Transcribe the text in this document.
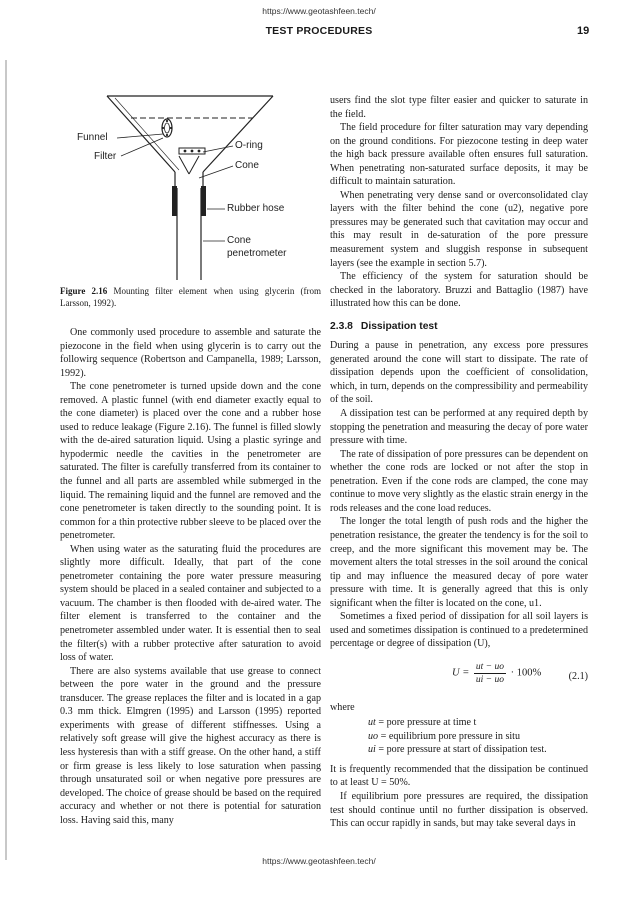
https://www.geotashfeen.tech/
TEST PROCEDURES	19
Funnel
Filter
O-ring
Cone
Rubber hose
Cone
penetrometer
Figure 2.16 Mounting filter element when using glycerin (from Larsson, 1992).

One commonly used procedure to assemble and saturate the piezocone in the field when using glycerin is to carry out the followirg sequence (Robertson and Campanella, 1989; Larsson, 1992).

The cone penetrometer is turned upside down and the cone removed. A plastic funnel (with end diameter exactly equal to the cone diameter) is placed over the cone and a rubber hose used to reduce leakage (Figure 2.16). The funnel is filled slowly with the de-aired saturation liquid. Using a plastic syringe and hypodermic needle the cavities in the penetrometer are saturated. The filter is carefully transferred from its container to the funnel and all parts are assembled while submerged in the liquid. The remaining liquid and the funnel are removed and the cone penetrometer is taken directly to the sounding point. It is common for a thin protective rubber sleeve to be placed over the penetrometer.

When using water as the saturating fluid the procedures are slightly more difficult. Ideally, that part of the cone penetrometer containing the pore water pressure measuring system should be placed in a sealed container and subjected to a vacuum. The chamber is then flooded with de-aired water. The filter element is transferred to the container and the penetrometer assembled under water. It is essential then to seal the filter(s) with a rubber protective after saturation to avoid loss of water.

There are also systems available that use grease to connect between the pore water in the ground and the pressure transducer. The grease replaces the filter and is located in a gap 0.3 mm thick. Elmgren (1995) and Larsson (1995) reported experiments with grease of different stiffnesses. Using a relatively soft grease will give the highest accuracy as there is less hysteresis than with a stiff grease. On the other hand, a stiff or firm grease is less likely to lose saturation when passing through unsaturated soil or when negative pore pressures are developed. The choice of grease should be based on the required accuracy and whether or not there is potential for saturation loss. Having said this, many

users find the slot type filter easier and quicker to saturate in the field.

The field procedure for filter saturation may vary depending on the ground conditions. For piezocone testing in deep water the high back pressure available often ensures full saturation. When penetrating non-saturated surface deposits, it may be difficult to maintain saturation.

When penetrating very dense sand or overconsolidated clay layers with the filter behind the cone (u2), negative pore pressures may be generated such that cavitation may occur and this may result in de-saturation of the pore pressure measurement system and sluggish response in subsequent layers (see the example in section 5.7).

The efficiency of the system for saturation should be checked in the laboratory. Bruzzi and Battaglio (1987) have illustrated how this can be done.

2.3.8 Dissipation test

During a pause in penetration, any excess pore pressures generated around the cone will start to dissipate. The rate of dissipation depends upon the coefficient of consolidation, which, in turn, depends on the compressibility and permeability of the soil.

A dissipation test can be performed at any required depth by stopping the penetration and measuring the decay of pore water pressure with time.

The rate of dissipation of pore pressures can be dependent on whether the cone rods are locked or not after the stop in penetration. Even if the cone rods are clamped, the cone may continue to move very slightly as the elastic strain energy in the rods releases and the cone load reduces.

The longer the total length of push rods and the higher the penetration resistance, the greater the tendency is for the soil to creep, and the more significant this movement may be. The movement alters the total stresses in the soil around the conical tip and may influence the measured decay of pore water pressure with time. It is generally agreed that this is only significant when the filter is located on the cone, u1.

Sometimes a fixed period of dissipation for all soil layers is used and sometimes dissipation is continued to a predetermined percentage or degree of dissipation (U),

$U = \frac{ut - uo}{ui - uo} \cdot 100\%$	(2.1)

where

ut = pore pressure at time t
uo = equilibrium pore pressure in situ
ui = pore pressure at start of dissipation test.

It is frequently recommended that the dissipation be continued to at least U = 50%.

If equilibrium pore pressures are required, the dissipation test should continue until no further dissipation is observed. This can occur rapidly in sands, but may take several days in

https://www.geotashfeen.tech/
